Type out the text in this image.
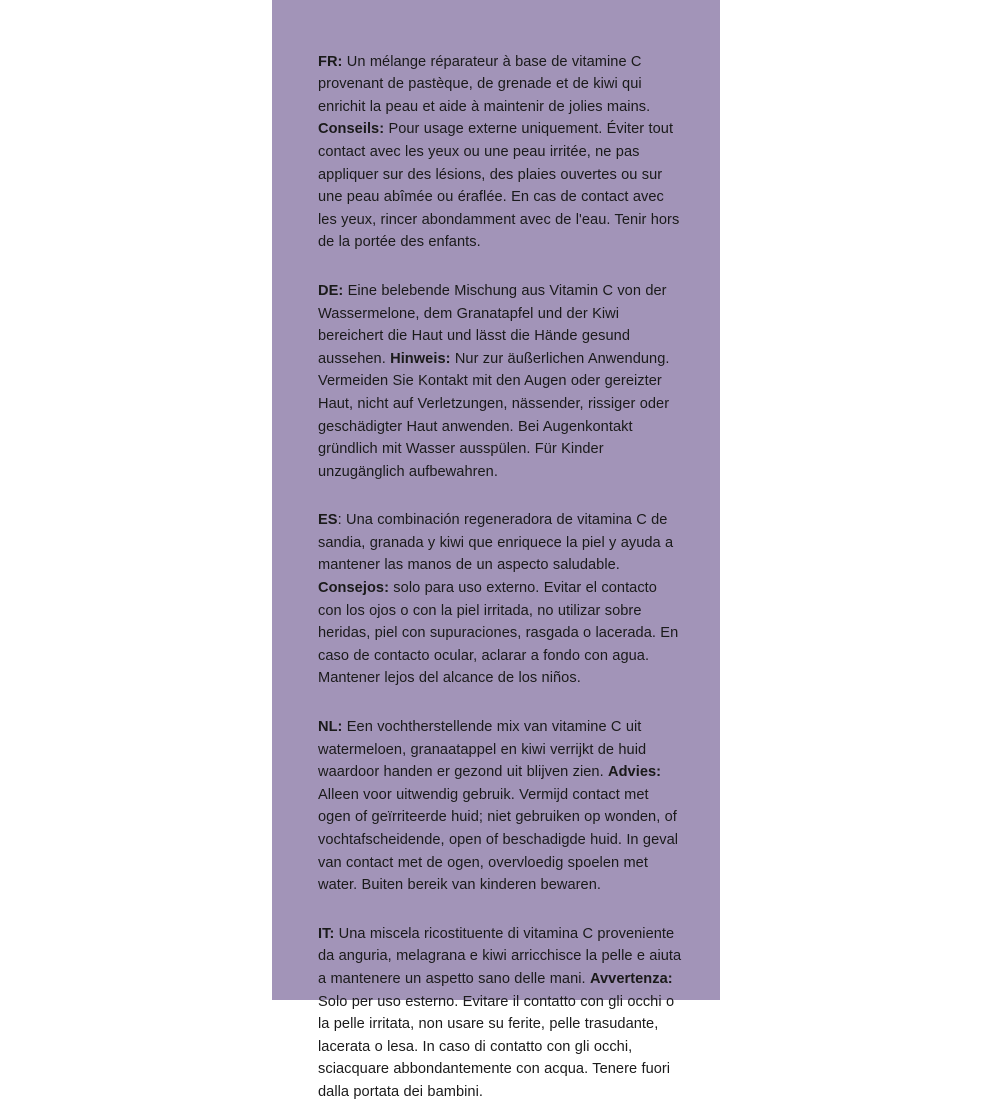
FR: Un mélange réparateur à base de vitamine C provenant de pastèque, de grenade et de kiwi qui enrichit la peau et aide à maintenir de jolies mains. Conseils: Pour usage externe uniquement. Éviter tout contact avec les yeux ou une peau irritée, ne pas appliquer sur des lésions, des plaies ouvertes ou sur une peau abîmée ou éraflée. En cas de contact avec les yeux, rincer abondamment avec de l'eau. Tenir hors de la portée des enfants.

DE: Eine belebende Mischung aus Vitamin C von der Wassermelone, dem Granatapfel und der Kiwi bereichert die Haut und lässt die Hände gesund aussehen. Hinweis: Nur zur äußerlichen Anwendung. Vermeiden Sie Kontakt mit den Augen oder gereizter Haut, nicht auf Verletzungen, nässender, rissiger oder geschädigter Haut anwenden. Bei Augenkontakt gründlich mit Wasser ausspülen. Für Kinder unzugänglich aufbewahren.

ES: Una combinación regeneradora de vitamina C de sandia, granada y kiwi que enriquece la piel y ayuda a mantener las manos de un aspecto saludable. Consejos: solo para uso externo. Evitar el contacto con los ojos o con la piel irritada, no utilizar sobre heridas, piel con supuraciones, rasgada o lacerada. En caso de contacto ocular, aclarar a fondo con agua. Mantener lejos del alcance de los niños.

NL: Een vochtherstellende mix van vitamine C uit watermeloen, granaatappel en kiwi verrijkt de huid waardoor handen er gezond uit blijven zien. Advies: Alleen voor uitwendig gebruik. Vermijd contact met ogen of geïrriteerde huid; niet gebruiken op wonden, of vochtafscheidende, open of beschadigde huid. In geval van contact met de ogen, overvloedig spoelen met water. Buiten bereik van kinderen bewaren.

IT: Una miscela ricostituente di vitamina C proveniente da anguria, melagrana e kiwi arricchisce la pelle e aiuta a mantenere un aspetto sano delle mani. Avvertenza: Solo per uso esterno. Evitare il contatto con gli occhi o la pelle irritata, non usare su ferite, pelle trasudante, lacerata o lesa. In caso di contatto con gli occhi, sciacquare abbondantemente con acqua. Tenere fuori dalla portata dei bambini.
